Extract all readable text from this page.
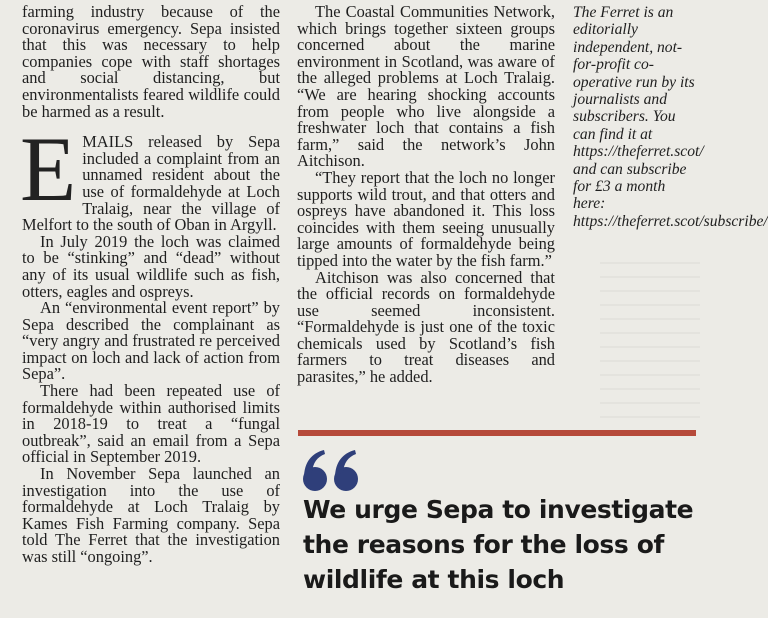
farming industry because of the coronavirus emergency. Sepa insisted that this was necessary to help companies cope with staff shortages and social distancing, but environmentalists feared wildlife could be harmed as a result.

EMAILS released by Sepa included a complaint from an unnamed resident about the use of formaldehyde at Loch Tralaig, near the village of Melfort to the south of Oban in Argyll.

In July 2019 the loch was claimed to be “stinking” and “dead” without any of its usual wildlife such as fish, otters, eagles and ospreys.

An “environmental event report” by Sepa described the complainant as “very angry and frustrated re perceived impact on loch and lack of action from Sepa”.

There had been repeated use of formaldehyde within authorised limits in 2018-19 to treat a “fungal outbreak”, said an email from a Sepa official in September 2019.

In November Sepa launched an investigation into the use of formaldehyde at Loch Tralaig by Kames Fish Farming company. Sepa told The Ferret that the investigation was still “ongoing”.

The Coastal Communities Network, which brings together sixteen groups concerned about the marine environment in Scotland, was aware of the alleged problems at Loch Tralaig. “We are hearing shocking accounts from people who live alongside a freshwater loch that contains a fish farm,” said the network’s John Aitchison.

“They report that the loch no longer supports wild trout, and that otters and ospreys have abandoned it. This loss coincides with them seeing unusually large amounts of formaldehyde being tipped into the water by the fish farm.”

Aitchison was also concerned that the official records on formaldehyde use seemed inconsistent. “Formaldehyde is just one of the toxic chemicals used by Scotland’s fish farmers to treat diseases and parasites,” he added.

The Ferret is an editorially independent, not-for-profit co-operative run by its journalists and subscribers. You can find it at https://theferret.scot/ and can subscribe for £3 a month here: https://theferret.scot/subscribe/

We urge Sepa to investigate the reasons for the loss of wildlife at this loch
